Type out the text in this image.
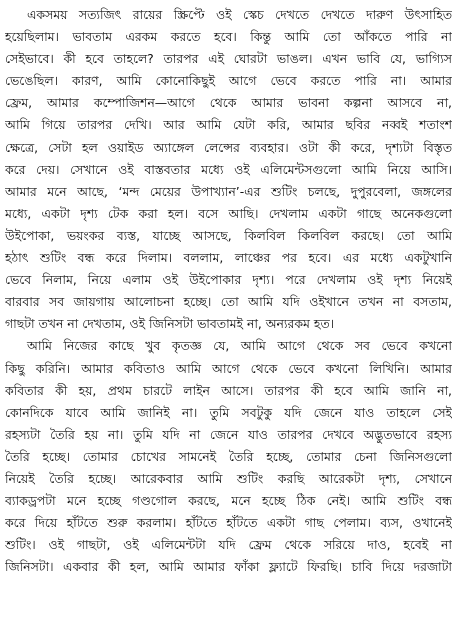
একসময় সত্যজিৎ রায়ের স্ক্রিপ্টে ওই স্কেচ দেখতে দেখতে দারুণ উৎসাহিত
হয়েছিলাম। ভাবতাম এরকম করতে হবে। কিন্তু আমি তো আঁকতে পারি না
সেইভাবে। কী হবে তাহলে? তারপর এই ঘোরটা ভাঙল। এখন ভাবি যে, ভাগ্যিস
ভেঙেছিল। কারণ, আমি কোনোকিছুই আগে ভেবে করতে পারি না। আমার
ফ্রেম, আমার কম্পোজিশন—আগে থেকে আমার ভাবনা কল্পনা আসবে না,
আমি গিয়ে তারপর দেখি। আর আমি যেটা করি, আমার ছবির নব্বই শতাংশ
ক্ষেত্রে, সেটা হল ওয়াইড অ্যাঙ্গেল লেন্সের ব্যবহার। ওটা কী করে, দৃশ্যটা বিস্তৃত
করে দেয়। সেখানে ওই বাস্তবতার মধ্যে ওই এলিমেন্টসগুলো আমি নিয়ে আসি।
আমার মনে আছে, ‘মন্দ মেয়ের উপাখ্যান’-এর শুটিং চলছে, দুপুরবেলা, জঙ্গলের
মধ্যে, একটা দৃশ্য টেক করা হল। বসে আছি। দেখলাম একটা গাছে অনেকগুলো
উইপোকা, ভয়ংকর ব্যস্ত, যাচ্ছে আসছে, কিলবিল কিলবিল করছে। তো আমি
হঠাৎ শুটিং বন্ধ করে দিলাম। বললাম, লাঞ্চের পর হবে। এর মধ্যে একটুখানি
ভেবে নিলাম, নিয়ে এলাম ওই উইপোকার দৃশ্য। পরে দেখলাম ওই দৃশ্য নিয়েই
বারবার সব জায়গায় আলোচনা হচ্ছে। তো আমি যদি ওইখানে তখন না বসতাম,
গাছটা তখন না দেখতাম, ওই জিনিসটা ভাবতামই না, অন্যরকম হত।
আমি নিজের কাছে খুব কৃতজ্ঞ যে, আমি আগে থেকে সব ভেবে কখনো
কিছু করিনি। আমার কবিতাও আমি আগে থেকে ভেবে কখনো লিখিনি। আমার
কবিতার কী হয়, প্রথম চারটে লাইন আসে। তারপর কী হবে আমি জানি না,
কোনদিকে যাবে আমি জানিই না। তুমি সবটুকু যদি জেনে যাও তাহলে সেই
রহস্যটা তৈরি হয় না। তুমি যদি না জেনে যাও তারপর দেখবে অদ্ভুতভাবে রহস্য
তৈরি হচ্ছে। তোমার চোখের সামনেই তৈরি হচ্ছে, তোমার চেনা জিনিসগুলো
নিয়েই তৈরি হচ্ছে। আরেকবার আমি শুটিং করছি আরেকটা দৃশ্য, সেখানে
ব্যাকড্রপটা মনে হচ্ছে গণ্ডগোল করছে, মনে হচ্ছে ঠিক নেই। আমি শুটিং বন্ধ
করে দিয়ে হাঁটতে শুরু করলাম। হাঁটতে হাঁটতে একটা গাছ পেলাম। ব্যস, ওখানেই
শুটিং। ওই গাছটা, ওই এলিমেন্টটা যদি ফ্রেম থেকে সরিয়ে দাও, হবেই না
জিনিসটা। একবার কী হল, আমি আমার ফাঁকা ফ্ল্যাটে ফিরছি। চাবি দিয়ে দরজাটা
